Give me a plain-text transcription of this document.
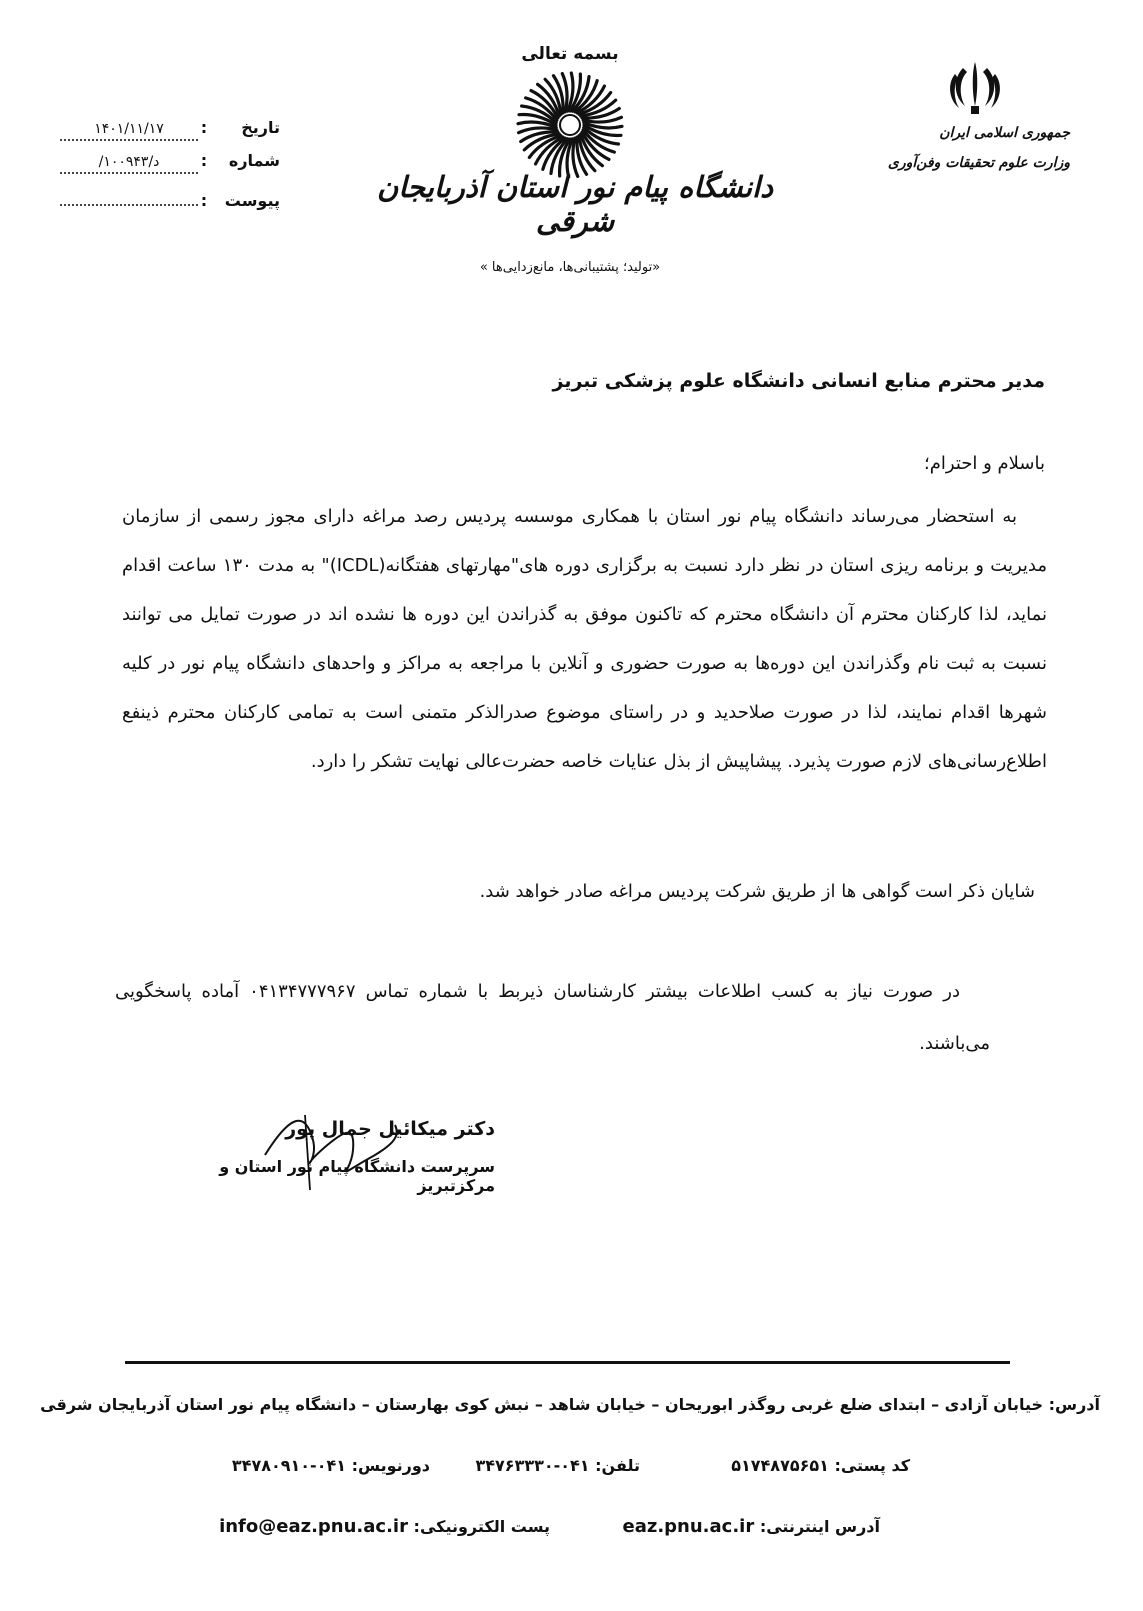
تاریخ
:
۱۴۰۱/۱۱/۱۷
شماره
:
د/۱۰۰۹۴۳/
پیوست
:
بسمه تعالی
دانشگاه پیام نور استان آذربایجان شرقی
«تولید؛ پشتیبانی‌ها، مانع‌زدایی‌ها »
جمهوری اسلامی ایران
وزارت علوم تحقیقات وفن‌آوری
مدیر محترم منابع انسانی دانشگاه علوم پزشکی تبریز
باسلام و احترام؛

به استحضار می‌رساند دانشگاه پیام نور استان با همکاری موسسه پردیس رصد مراغه دارای مجوز رسمی از سازمان مدیریت و برنامه ریزی استان در نظر دارد نسبت به برگزاری دوره های"مهارتهای هفتگانه(ICDL)" به مدت ۱۳۰ ساعت اقدام نماید، لذا کارکنان محترم آن دانشگاه محترم که تاکنون موفق به گذراندن این دوره ها نشده اند در صورت تمایل می توانند نسبت به ثبت نام وگذراندن این دوره‌ها به صورت حضوری و آنلاین با مراجعه به مراکز و واحدهای دانشگاه پیام نور در کلیه شهرها اقدام نمایند، لذا در صورت صلاحدید و در راستای موضوع صدرالذکر متمنی است به تمامی کارکنان محترم ذینفع اطلاع‌رسانی‌های لازم صورت پذیرد. پیشاپیش از بذل عنایات خاصه حضرت‌عالی نهایت تشکر را دارد.

شایان ذکر است گواهی ها از طریق شرکت پردیس مراغه صادر خواهد شد.

در صورت نیاز به کسب اطلاعات بیشتر کارشناسان ذیربط با شماره تماس ۰۴۱۳۴۷۷۷۹۶۷ آماده پاسخگویی می‌باشند.

دکتر میکائیل جمال پور
سرپرست دانشگاه پیام نور استان و مرکزتبریز
آدرس: خیابان آزادی – ابتدای ضلع غربی روگذر ابوریحان – خیابان شاهد – نبش کوی بهارستان – دانشگاه پیام نور استان آذربایجان شرقی
کد پستی: ۵۱۷۴۸۷۵۶۵۱
تلفن: ۰۴۱-۳۴۷۶۳۳۳۰
دورنویس: ۰۴۱-۳۴۷۸۰۹۱۰
آدرس اینترنتی: eaz.pnu.ac.ir
پست الکترونیکی: info@eaz.pnu.ac.ir
